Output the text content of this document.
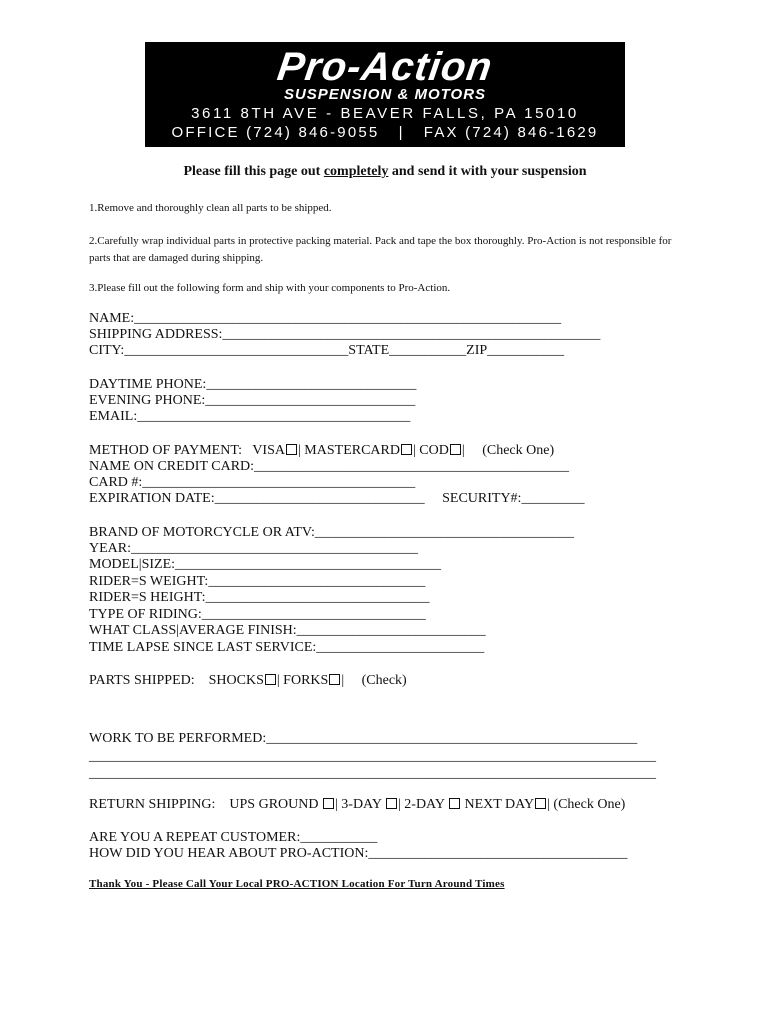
Pro-Action
SUSPENSION & MOTORS
3611 8TH AVE - BEAVER FALLS, PA 15010
OFFICE (724) 846-9055 | FAX (724) 846-1629
Please fill this page out completely and send it with your suspension
1.Remove and thoroughly clean all parts to be shipped.
2.Carefully wrap individual parts in protective packing material. Pack and tape the box thoroughly. Pro-Action is not responsible for parts that are damaged during shipping.
3.Please fill out the following form and ship with your components to Pro-Action.
NAME:_____________________________________________________________
SHIPPING ADDRESS:______________________________________________________
CITY:________________________________STATE___________ZIP___________
DAYTIME PHONE:______________________________
EVENING PHONE:______________________________
EMAIL:_______________________________________
METHOD OF PAYMENT:   VISA | MASTERCARD | COD | (Check One)
NAME ON CREDIT CARD:_____________________________________________
CARD #:_______________________________________
EXPIRATION DATE:______________________________ SECURITY#:_________
BRAND OF MOTORCYCLE OR ATV:_____________________________________
YEAR:_________________________________________
MODEL|SIZE:______________________________________
RIDER=S WEIGHT:_______________________________
RIDER=S HEIGHT:________________________________
TYPE OF RIDING:________________________________
WHAT CLASS|AVERAGE FINISH:___________________________
TIME LAPSE SINCE LAST SERVICE:________________________
PARTS SHIPPED:    SHOCKS | FORKS | (Check)
WORK TO BE PERFORMED:_____________________________________________________
_________________________________________________________________________________
_________________________________________________________________________________
RETURN SHIPPING:    UPS GROUND | 3-DAY | 2-DAY  NEXT DAY | (Check One)
ARE YOU A REPEAT CUSTOMER:___________
HOW DID YOU HEAR ABOUT PRO-ACTION:_____________________________________
Thank You - Please Call Your Local PRO-ACTION Location For Turn Around Times
